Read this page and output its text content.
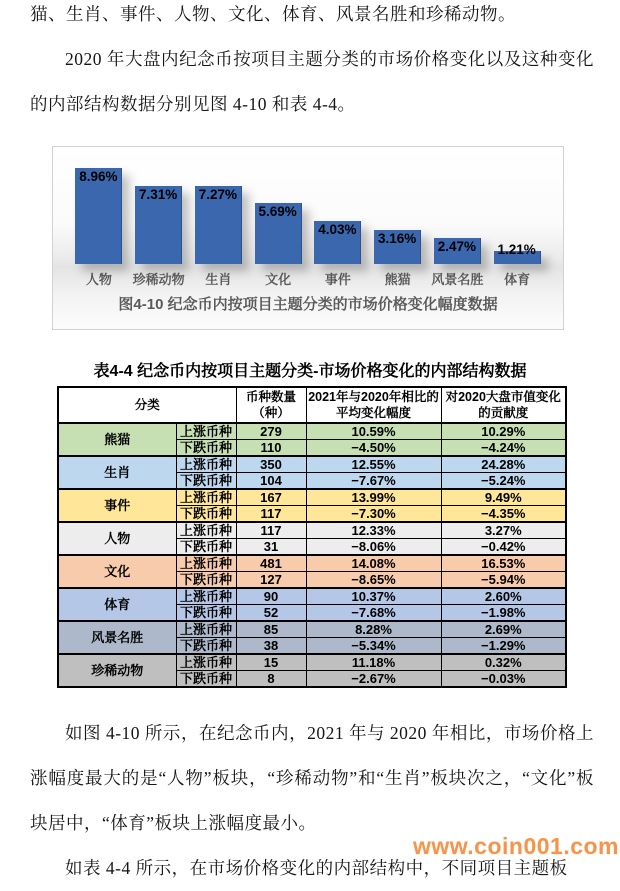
猫、生肖、事件、人物、文化、体育、风景名胜和珍稀动物。

2020 年大盘内纪念币按项目主题分类的市场价格变化以及这种变化的内部结构数据分别见图 4-10 和表 4-4。

8.96%
7.31%	7.27%
5.69%
4.03%
3.16%
2.47%	1.21%
人物	珍稀动物	生肖	文化	事件	熊猫	风景名胜	体育
图4-10 纪念币内按项目主题分类的市场价格变化幅度数据
表4-4 纪念币内按项目主题分类-市场价格变化的内部结构数据
分类		币种数量（种）	2021年与2020年相比的平均变化幅度	对2020大盘市值变化的贡献度
熊猫	上涨币种	279	10.59%	10.29%
	下跌币种	110	−4.50%	−4.24%
生肖	上涨币种	350	12.55%	24.28%
	下跌币种	104	−7.67%	−5.24%
事件	上涨币种	167	13.99%	9.49%
	下跌币种	117	−7.30%	−4.35%
人物	上涨币种	117	12.33%	3.27%
	下跌币种	31	−8.06%	−0.42%
文化	上涨币种	481	14.08%	16.53%
	下跌币种	127	−8.65%	−5.94%
体育	上涨币种	90	10.37%	2.60%
	下跌币种	52	−7.68%	−1.98%
风景名胜	上涨币种	85	8.28%	2.69%
	下跌币种	38	−5.34%	−1.29%
珍稀动物	上涨币种	15	11.18%	0.32%
	下跌币种	8	−2.67%	−0.03%

如图 4-10 所示，在纪念币内，2021 年与 2020 年相比，市场价格上涨幅度最大的是“人物”板块，“珍稀动物”和“生肖”板块次之，“文化”板块居中，“体育”板块上涨幅度最小。

如表 4-4 所示，在市场价格变化的内部结构中，不同项目主题板

www.coin001.com
